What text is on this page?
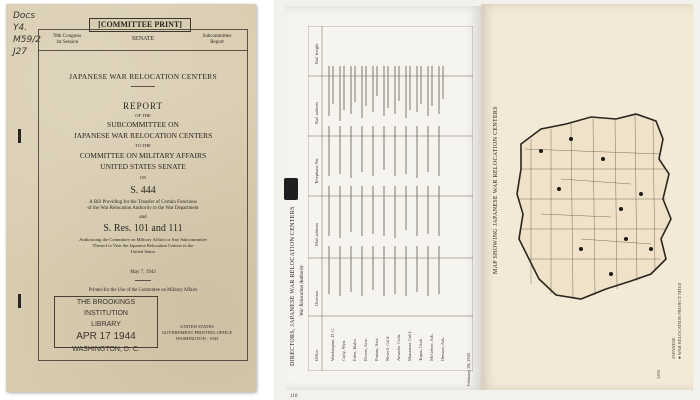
Docs
Y4.
M59/2
J27
[COMMITTEE PRINT]
78th Congress
1st Session
SENATE	Subcommittee
Report
JAPANESE WAR RELOCATION CENTERS
REPORT
OF THE
SUBCOMMITTEE ON
JAPANESE WAR RELOCATION CENTERS
TO THE
COMMITTEE ON MILITARY AFFAIRS
UNITED STATES SENATE
ON
S. 444
A Bill Providing for the Transfer of Certain Functions
of the War Relocation Authority to the War Department
and
S. Res. 101 and 111
Authorizing the Committee on Military Affairs or Any Subcommittee
Thereof to Visit the Japanese Relocation Centers in the
United States
May 7, 1943
Printed for the Use of the Committee on Military Affairs
UNITED STATES
GOVERNMENT PRINTING OFFICE
WASHINGTON : 1943
THE BROOKINGS INSTITUTION
LIBRARY
APR 17 1944
WASHINGTON, D. C.	DIRECTORS, JAPANESE WAR RELOCATION CENTERS War Relocation Authority
Office
Director
Mail address
Telephone No.
Rail address
Rail freight
Washington, D. C. Cody, Wyo. Eden, Idaho Rivers, Ariz. Poston, Ariz. Newell, Calif. Amache, Colo. Manzanar, Calif. Topaz, Utah McGehee, Ark. Denson, Ark.
110
February 20, 1943
MAP SHOWING JAPANESE WAR RELOCATION CENTERS
JAPANESE ● WAR RELOCATION PROJECT SITES
5593
